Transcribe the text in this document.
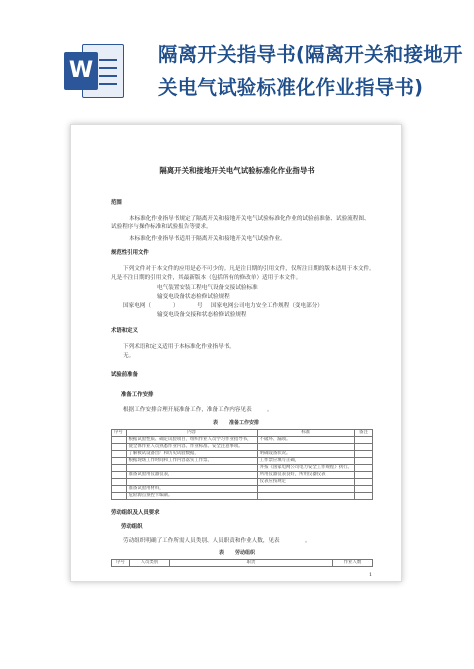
W
隔离开关指导书(隔离开关和接地开关电气试验标准化作业指导书)
隔离开关和接地开关电气试验标准化作业指导书
范围
本标准化作业指导书规定了隔离开关和接地开关电气试验标准化作业的试验前准备、试验流程图、
试验程序与操作标准和试验报告等要求。
本标准化作业指导书适用于隔离开关和接地开关电气试验作业。
规范性引用文件
下列文件对于本文件的应用是必不可少的。凡是注日期的引用文件，仅所注日期的版本适用于本文件。
凡是不注日期的引用文件，其最新版本（包括所有的修改单）适用于本文件。
电气装置安装工程电气设备交接试验标准
输变电设备状态检修试验规程
国家电网（	）	号 国家电网公司电力安全工作规程（变电部分）
输变电设备交接和状态检修试验规程
术语和定义
下列术语和定义适用于本标准化作业指导书。
无。
试验前准备
准备工作安排
根据工作安排合理开展准备工作，准备工作内容见表	。
表 准备工作安排
序号	内容	标准	备注
	根据试验性质、确定试验项目，组织作业人员学习作业指导书，	不破坏、漏项。	
	使全体作业人员熟悉作业内容、作业标准、安全注意事项。		
	了解被试设备出厂和历史试验数据，	明确设备状况。	
	根据现场工作时间和工作内容落实工作票。	工作票应填写正确，	
		并按《国家电网公司电力安全工作规程》执行。	
	准备试验用仪器仪表，	所用仪器仪表良好，所用仪器仪表	
		仪表应按规定	
	准备试验用材料，		
	危险源点预控卡编制。		
劳动组织及人员要求
劳动组织
劳动组织明确了工作所需人员类别、人员职责和作业人数，见表	。
表 劳动组织
序号	人员类别	职责	作业人数
1
